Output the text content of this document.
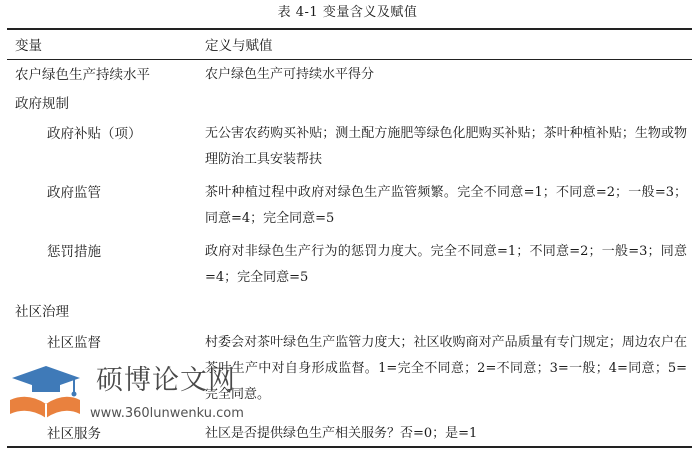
表 4-1 变量含义及赋值
变量	定义与赋值
农户绿色生产持续水平	农户绿色生产可持续水平得分
政府规制
政府补贴（项）	无公害农药购买补贴；测土配方施肥等绿色化肥购买补贴；茶叶种植补贴；生物或物理防治工具安装帮扶
政府监管	茶叶种植过程中政府对绿色生产监管频繁。完全不同意=1；不同意=2；一般=3；同意=4；完全同意=5
惩罚措施	政府对非绿色生产行为的惩罚力度大。完全不同意=1；不同意=2；一般=3；同意=4；完全同意=5
社区治理
社区监督	村委会对茶叶绿色生产监管力度大；社区收购商对产品质量有专门规定；周边农户在茶叶生产中对自身形成监督。1=完全不同意；2=不同意；3=一般；4=同意；5=完全同意。
社区服务	社区是否提供绿色生产相关服务？否=0；是=1
硕博论文网
www.360lunwenku.com
